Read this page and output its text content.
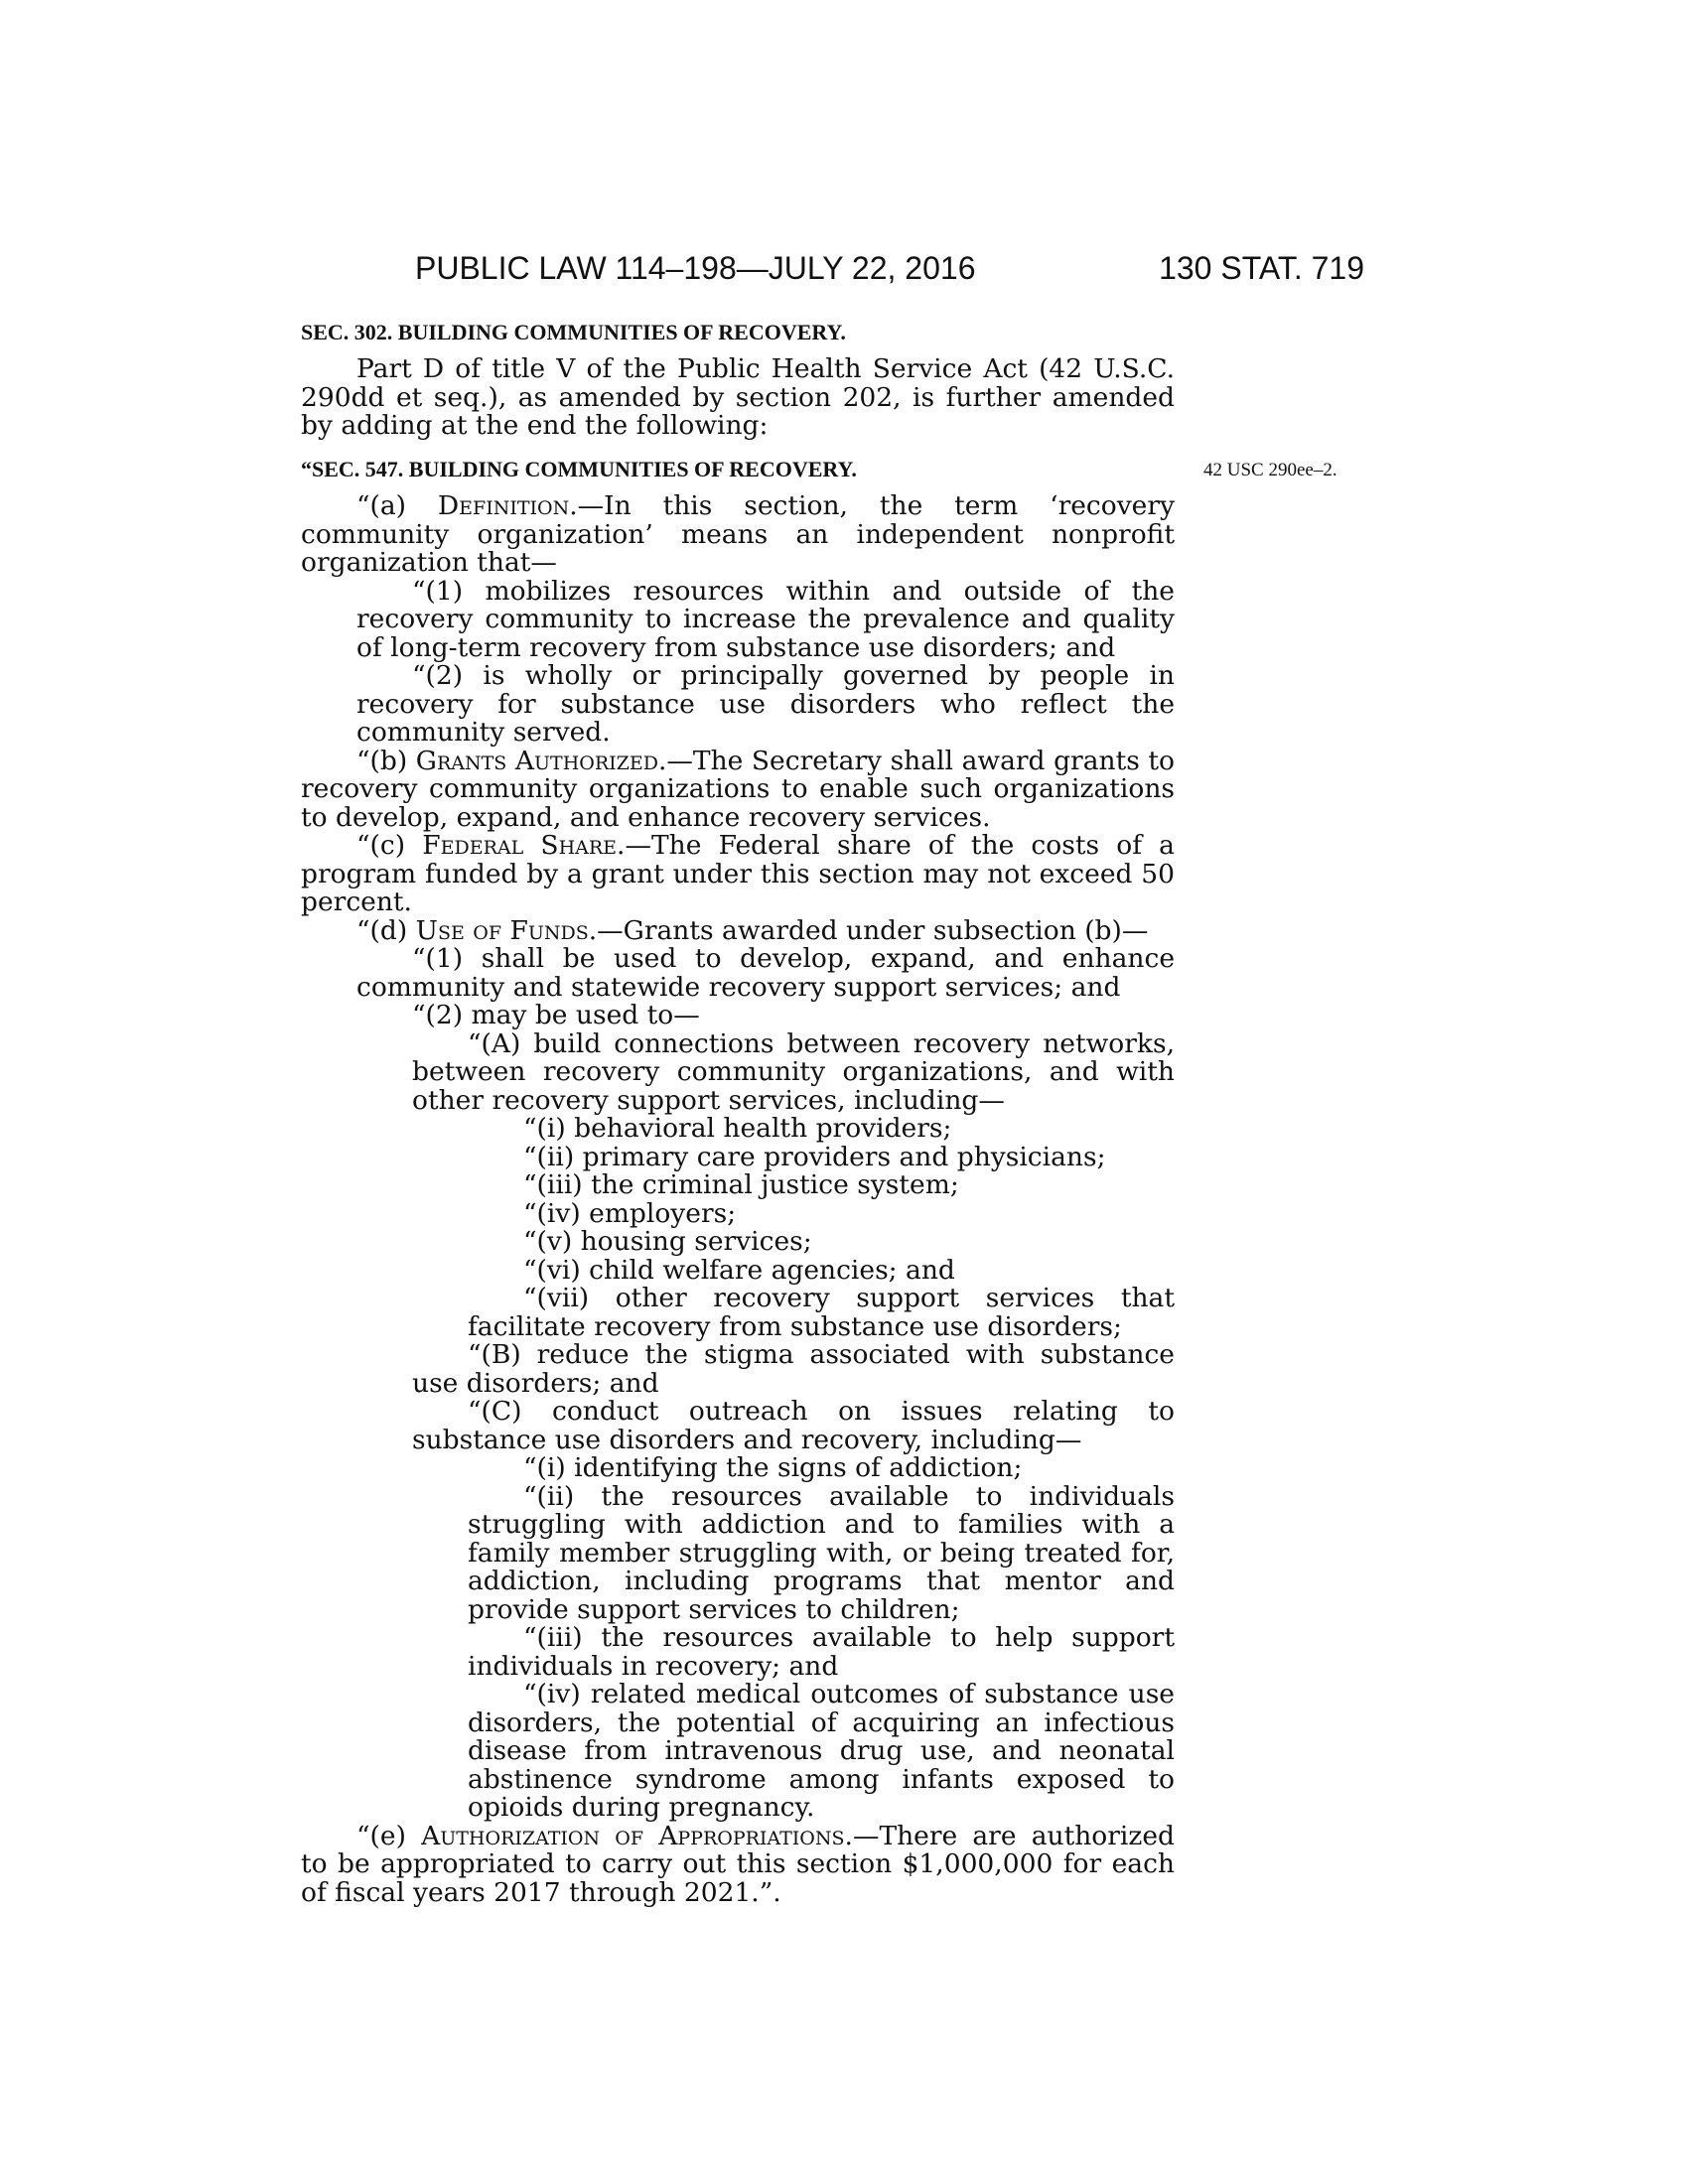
PUBLIC LAW 114–198—JULY 22, 2016	130 STAT. 719
SEC. 302. BUILDING COMMUNITIES OF RECOVERY.

Part D of title V of the Public Health Service Act (42 U.S.C. 290dd et seq.), as amended by section 202, is further amended by adding at the end the following:

“SEC. 547. BUILDING COMMUNITIES OF RECOVERY.	42 USC 290ee–2.

“(a) Definition.—In this section, the term ‘recovery community organization’ means an independent nonprofit organization that—

“(1) mobilizes resources within and outside of the recovery community to increase the prevalence and quality of long-term recovery from substance use disorders; and

“(2) is wholly or principally governed by people in recovery for substance use disorders who reflect the community served.

“(b) Grants Authorized.—The Secretary shall award grants to recovery community organizations to enable such organizations to develop, expand, and enhance recovery services.

“(c) Federal Share.—The Federal share of the costs of a program funded by a grant under this section may not exceed 50 percent.

“(d) Use of Funds.—Grants awarded under subsection (b)—

“(1) shall be used to develop, expand, and enhance community and statewide recovery support services; and

“(2) may be used to—

“(A) build connections between recovery networks, between recovery community organizations, and with other recovery support services, including—

“(i) behavioral health providers;

“(ii) primary care providers and physicians;

“(iii) the criminal justice system;

“(iv) employers;

“(v) housing services;

“(vi) child welfare agencies; and

“(vii) other recovery support services that facilitate recovery from substance use disorders;

“(B) reduce the stigma associated with substance use disorders; and

“(C) conduct outreach on issues relating to substance use disorders and recovery, including—

“(i) identifying the signs of addiction;

“(ii) the resources available to individuals struggling with addiction and to families with a family member struggling with, or being treated for, addiction, including programs that mentor and provide support services to children;

“(iii) the resources available to help support individuals in recovery; and

“(iv) related medical outcomes of substance use disorders, the potential of acquiring an infectious disease from intravenous drug use, and neonatal abstinence syndrome among infants exposed to opioids during pregnancy.

“(e) Authorization of Appropriations.—There are authorized to be appropriated to carry out this section $1,000,000 for each of fiscal years 2017 through 2021.”.
